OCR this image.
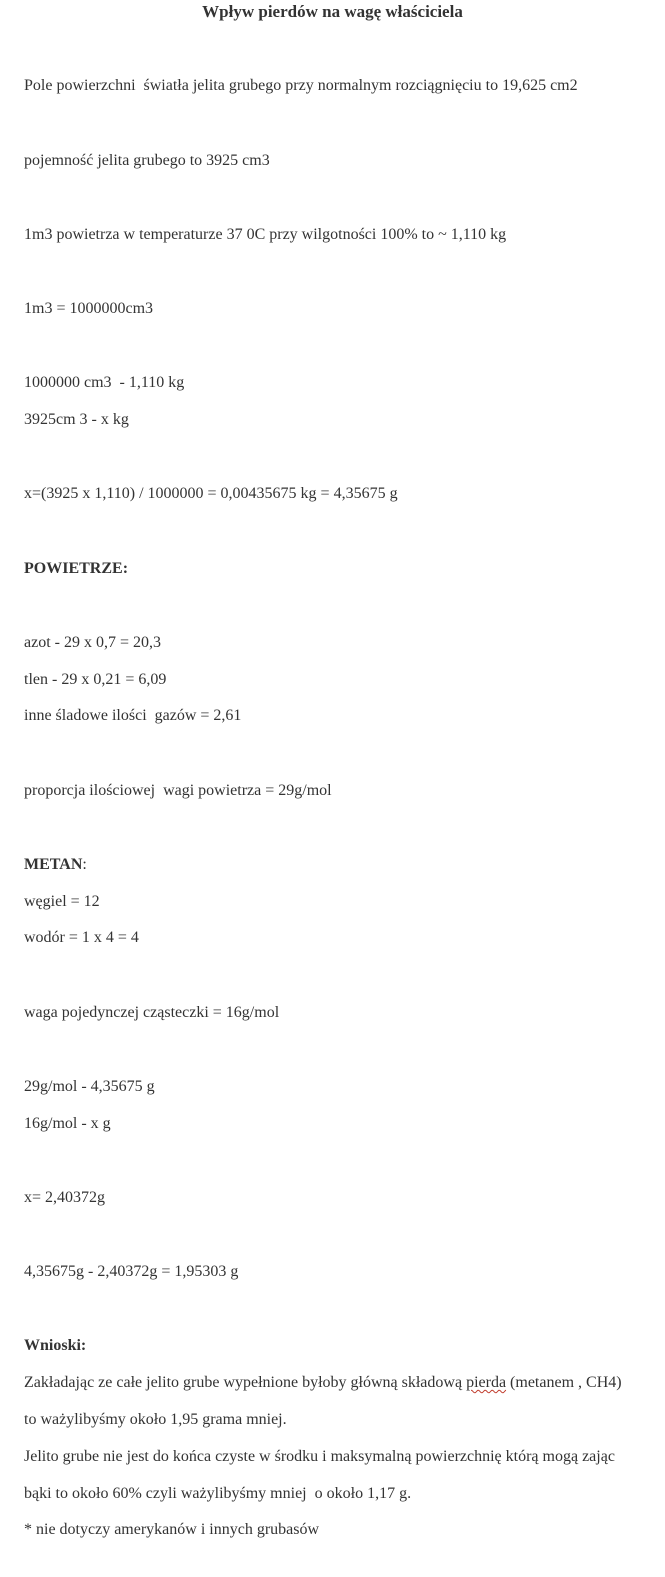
Wpływ pierdów na wagę właściciela

Pole powierzchni  światła jelita grubego przy normalnym rozciągnięciu to 19,625 cm2

pojemność jelita grubego to 3925 cm3

1m3 powietrza w temperaturze 37 0C przy wilgotności 100% to ~ 1,110 kg

1m3 = 1000000cm3

1000000 cm3  - 1,110 kg

3925cm 3 - x kg

x=(3925 x 1,110) / 1000000 = 0,00435675 kg = 4,35675 g

POWIETRZE:

azot - 29 x 0,7 = 20,3

tlen - 29 x 0,21 = 6,09

inne śladowe ilości  gazów = 2,61

proporcja ilościowej  wagi powietrza = 29g/mol

METAN:

węgiel = 12

wodór = 1 x 4 = 4

waga pojedynczej cząsteczki = 16g/mol

29g/mol - 4,35675 g

16g/mol - x g

x= 2,40372g

4,35675g - 2,40372g = 1,95303 g

Wnioski:

Zakładając ze całe jelito grube wypełnione byłoby główną składową pierda (metanem , CH4)

to ważylibyśmy około 1,95 grama mniej.

Jelito grube nie jest do końca czyste w środku i maksymalną powierzchnię którą mogą zając

bąki to około 60% czyli ważylibyśmy mniej  o około 1,17 g.

* nie dotyczy amerykanów i innych grubasów
